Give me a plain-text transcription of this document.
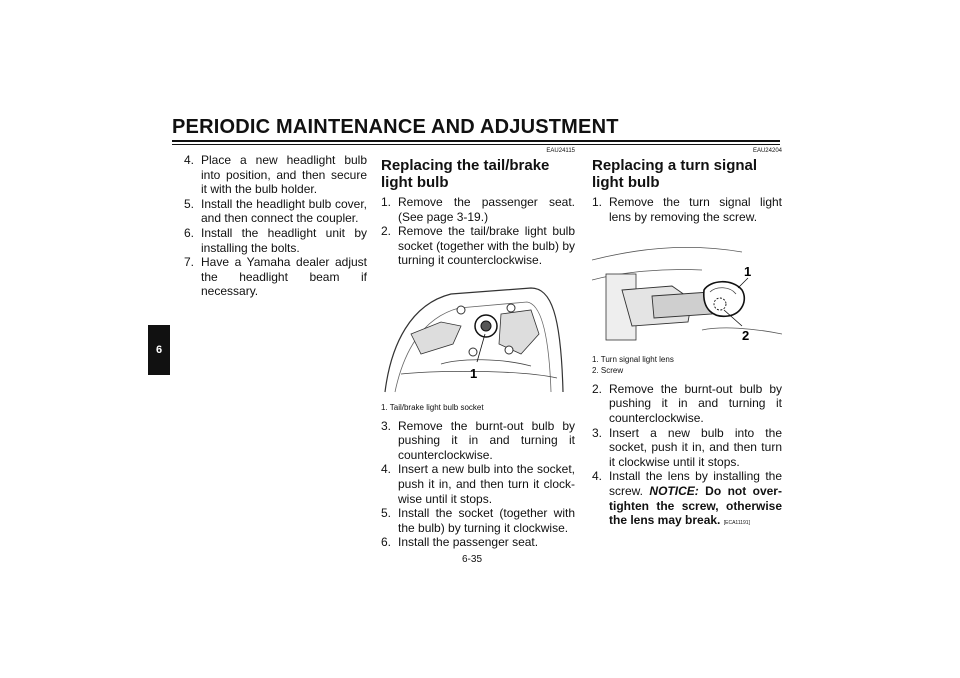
PERIODIC MAINTENANCE AND ADJUSTMENT
6
4. Place a new headlight bulb into position, and then secure it with the bulb holder.
5. Install the headlight bulb cover, and then connect the coupler.
6. Install the headlight unit by installing the bolts.
7. Have a Yamaha dealer adjust the headlight beam if necessary.
EAU24115
Replacing the tail/brake light bulb
1. Remove the passenger seat. (See page 3-19.)
2. Remove the tail/brake light bulb socket (together with the bulb) by turning it counterclockwise.
1
1. Tail/brake light bulb socket
3. Remove the burnt-out bulb by pushing it in and turning it counterclockwise.
4. Insert a new bulb into the socket, push it in, and then turn it clockwise until it stops.
5. Install the socket (together with the bulb) by turning it clockwise.
6. Install the passenger seat.
EAU24204
Replacing a turn signal light bulb
1. Remove the turn signal light lens by removing the screw.
1
2
1. Turn signal light lens
2. Screw
2. Remove the burnt-out bulb by pushing it in and turning it counterclockwise.
3. Insert a new bulb into the socket, push it in, and then turn it clockwise until it stops.
4. Install the lens by installing the screw. NOTICE: Do not overtighten the screw, otherwise the lens may break. [ECA11191]
6-35
